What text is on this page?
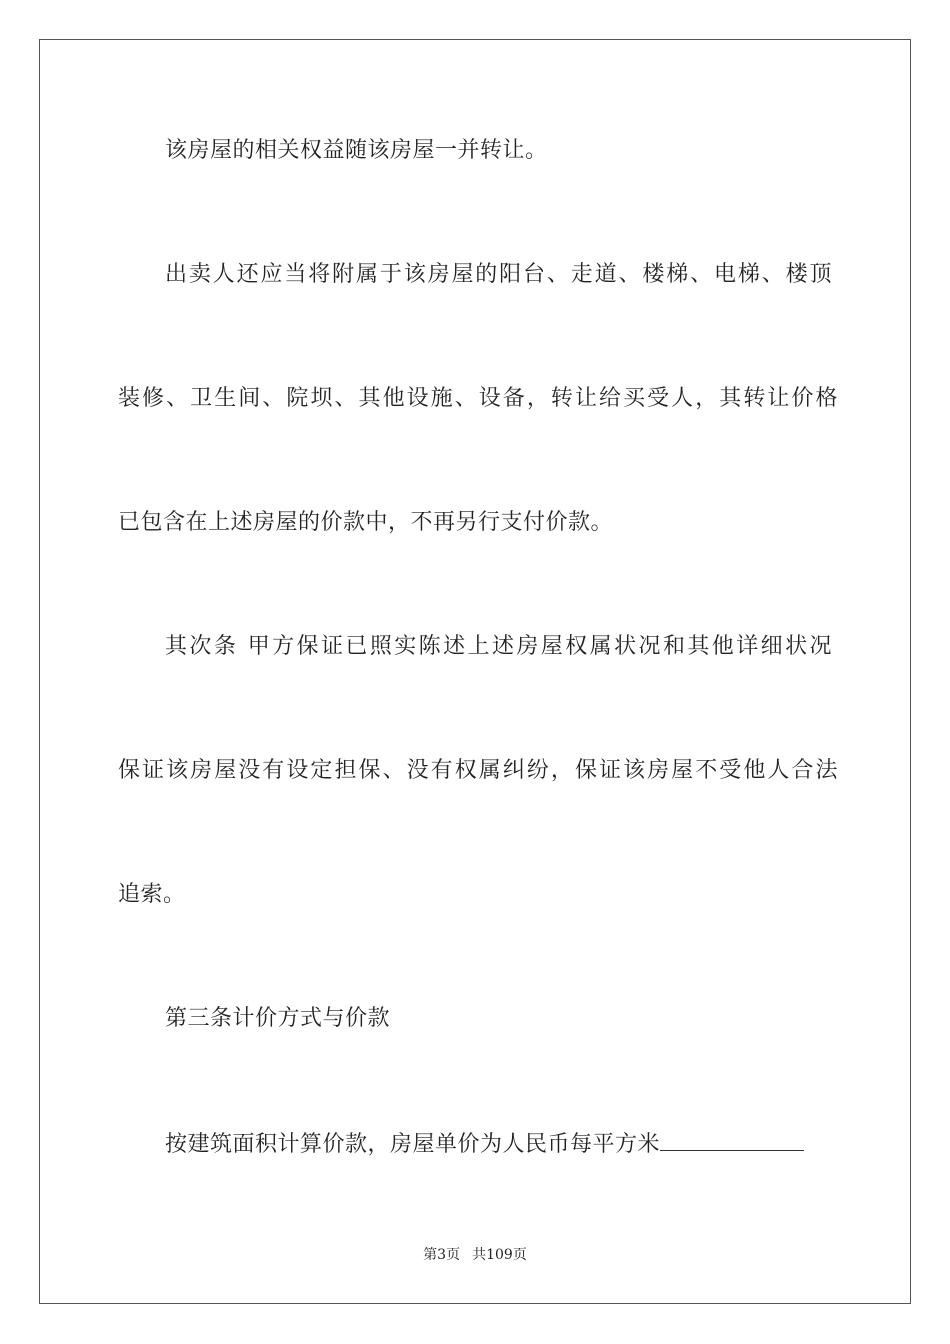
该房屋的相关权益随该房屋一并转让。
出卖人还应当将附属于该房屋的阳台、走道、楼梯、电梯、楼顶
装修、卫生间、院坝、其他设施、设备，转让给买受人，其转让价格
已包含在上述房屋的价款中，不再另行支付价款。
其次条 甲方保证已照实陈述上述房屋权属状况和其他详细状况
保证该房屋没有设定担保、没有权属纠纷，保证该房屋不受他人合法
追索。
第三条计价方式与价款
按建筑面积计算价款，房屋单价为人民币每平方米
第3页 共109页
